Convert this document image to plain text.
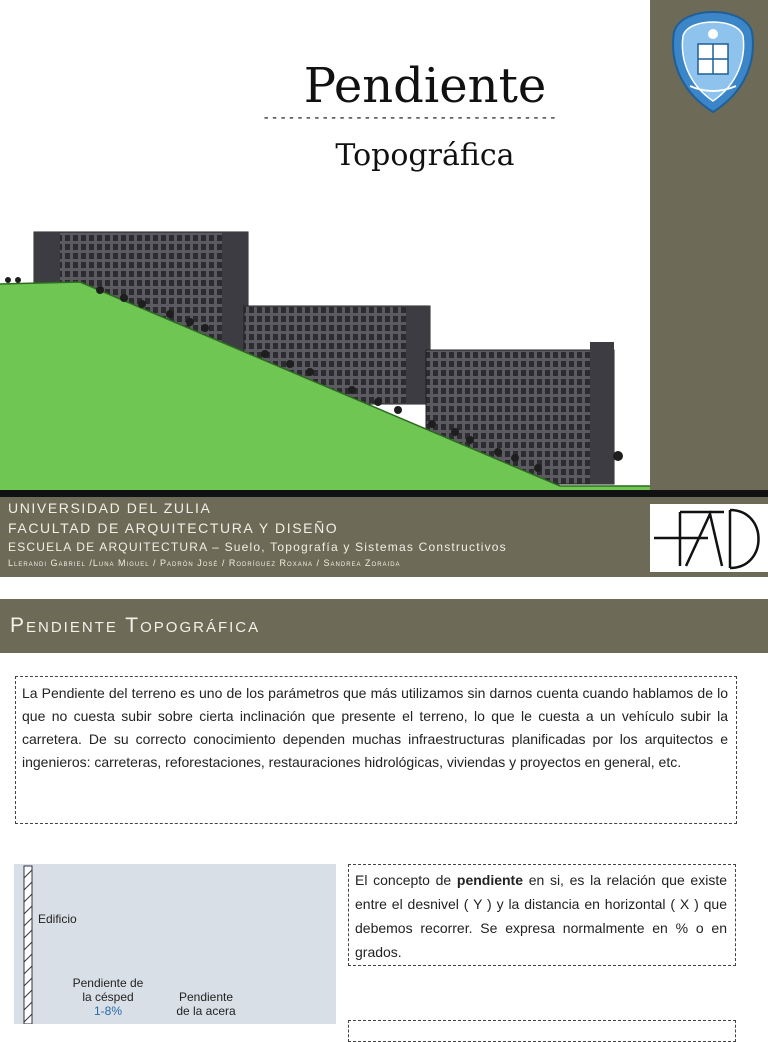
Pendiente
-----------------------------------
Topográfica
UNIVERSIDAD DEL ZULIA
FACULTAD DE ARQUITECTURA Y DISEÑO
ESCUELA DE ARQUITECTURA – Suelo, Topografía y Sistemas Constructivos
Llerandi Gabriel /Luna Miguel / Padrón José / Rodríguez Roxana / Sandrea Zoraida
Pendiente Topográfica
La Pendiente del terreno es uno de los parámetros que más utilizamos sin darnos cuenta cuando hablamos de lo que no cuesta subir sobre cierta inclinación que presente el terreno, lo que le cuesta a un vehículo subir la carretera. De su correcto conocimiento dependen muchas infraestructuras planificadas por los arquitectos e ingenieros: carreteras, reforestaciones, restauraciones hidrológicas, viviendas y proyectos en general, etc.
Edificio
Pendiente de
la césped
1-8%
Pendiente
de la acera
El concepto de pendiente en si, es la relación que existe entre el desnivel ( Y ) y la distancia en horizontal ( X ) que debemos recorrer. Se expresa normalmente en % o en grados.
